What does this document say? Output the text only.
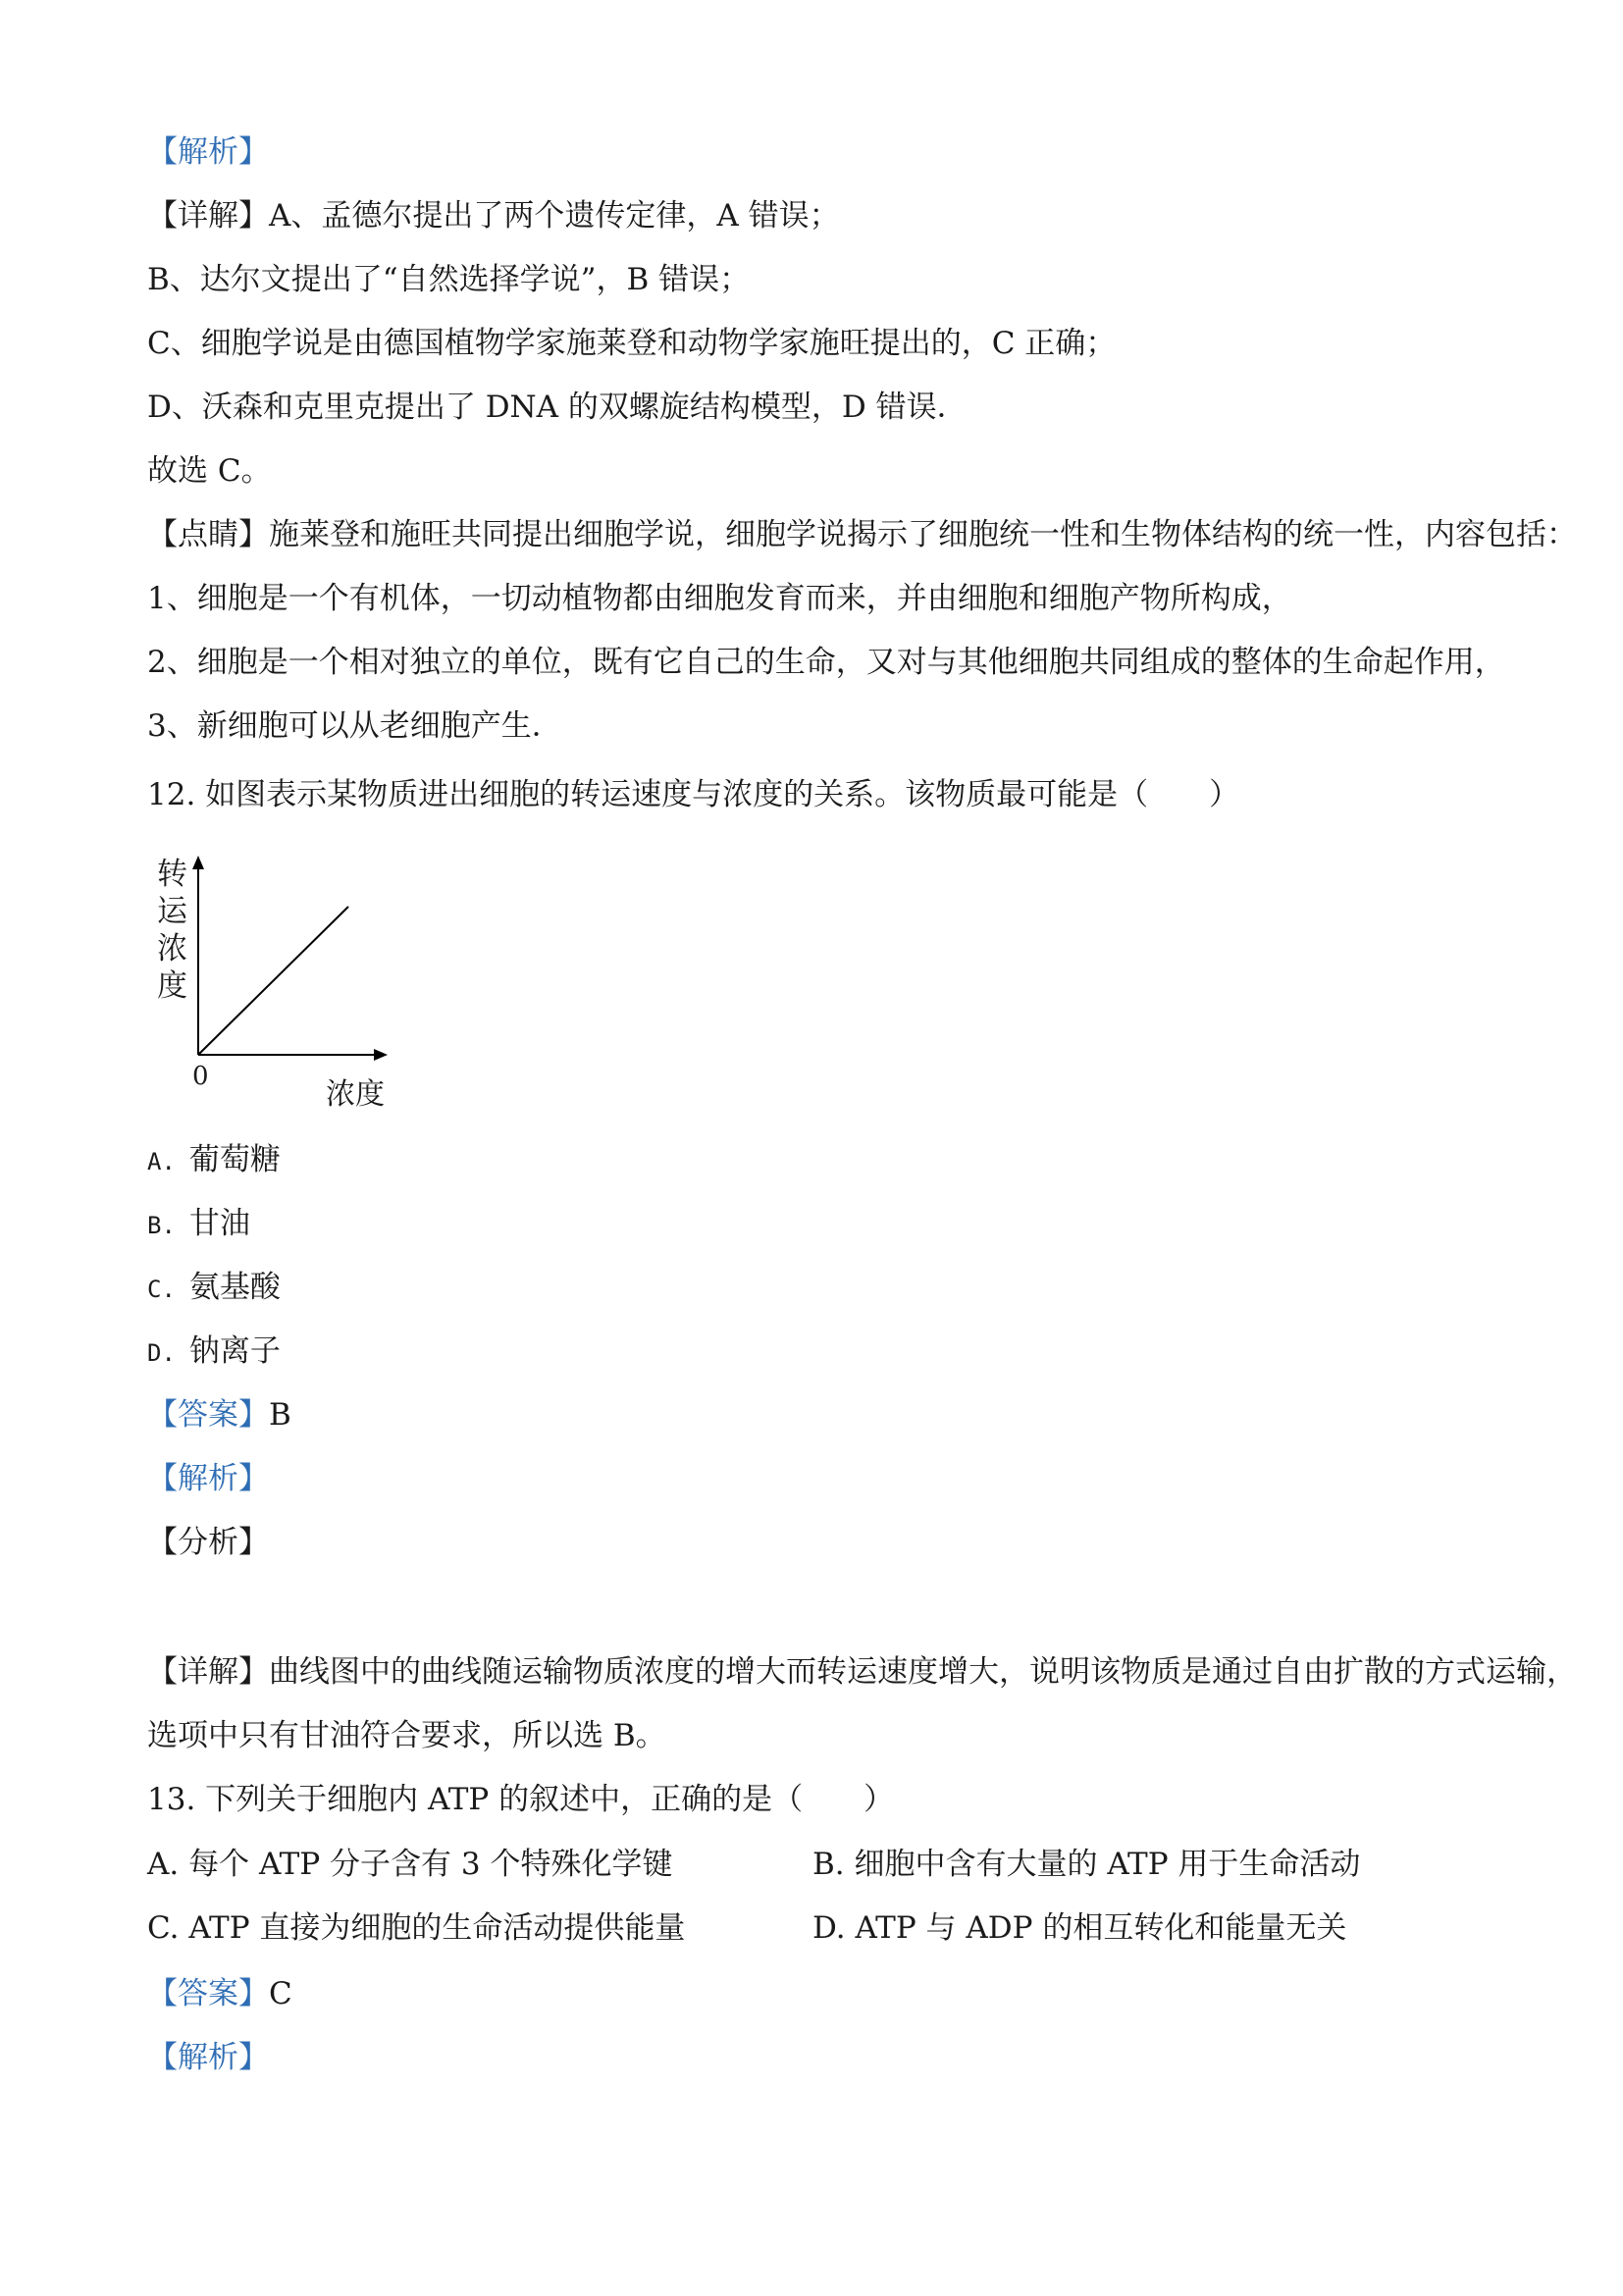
【解析】
【详解】A、孟德尔提出了两个遗传定律，A 错误；
B、达尔文提出了“自然选择学说”，B 错误；
C、细胞学说是由德国植物学家施莱登和动物学家施旺提出的，C 正确；
D、沃森和克里克提出了 DNA 的双螺旋结构模型，D 错误．
故选 C。
【点睛】施莱登和施旺共同提出细胞学说，细胞学说揭示了细胞统一性和生物体结构的统一性，内容包括：
1、细胞是一个有机体，一切动植物都由细胞发育而来，并由细胞和细胞产物所构成，
2、细胞是一个相对独立的单位，既有它自己的生命，又对与其他细胞共同组成的整体的生命起作用，
3、新细胞可以从老细胞产生．
12. 如图表示某物质进出细胞的转运速度与浓度的关系。该物质最可能是（　　）
转
运
浓
度
0
浓度
A. 葡萄糖
B. 甘油
C. 氨基酸
D. 钠离子
【答案】B
【解析】
【分析】
【详解】曲线图中的曲线随运输物质浓度的增大而转运速度增大，说明该物质是通过自由扩散的方式运输，
选项中只有甘油符合要求，所以选 B。
13. 下列关于细胞内 ATP 的叙述中，正确的是（　　）
A. 每个 ATP 分子含有 3 个特殊化学键	B. 细胞中含有大量的 ATP 用于生命活动
C. ATP 直接为细胞的生命活动提供能量	D. ATP 与 ADP 的相互转化和能量无关
【答案】C
【解析】
